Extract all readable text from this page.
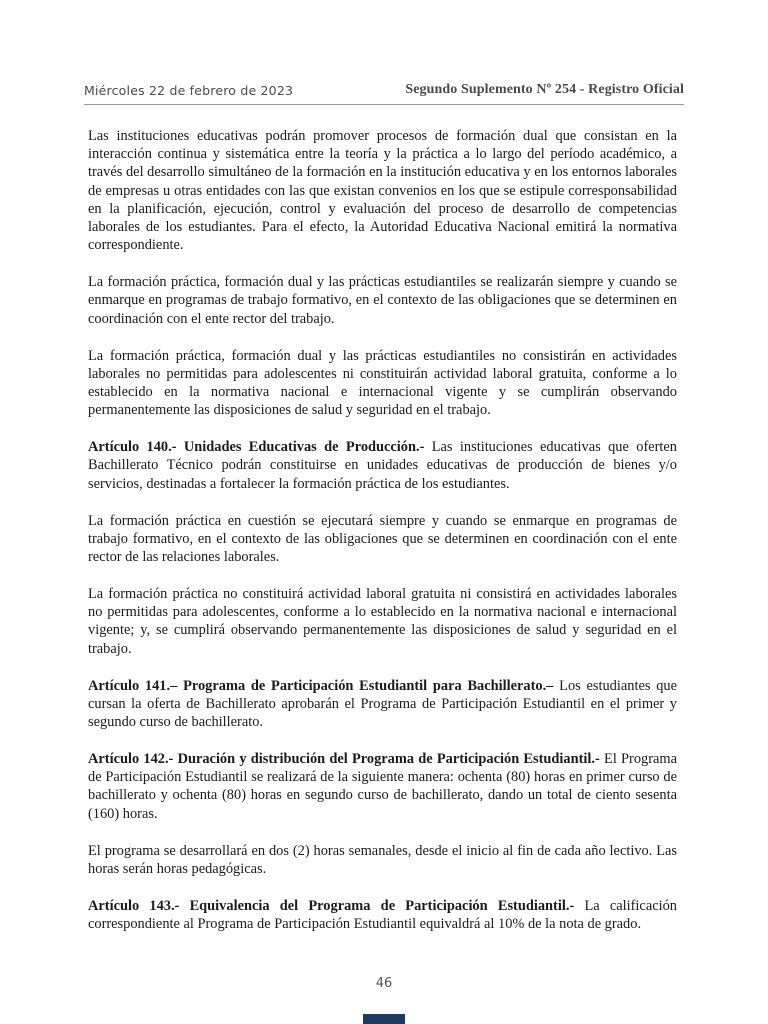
Miércoles 22 de febrero de 2023	Segundo Suplemento Nº 254 - Registro Oficial

Las instituciones educativas podrán promover procesos de formación dual que consistan en la interacción continua y sistemática entre la teoría y la práctica a lo largo del período académico, a través del desarrollo simultáneo de la formación en la institución educativa y en los entornos laborales de empresas u otras entidades con las que existan convenios en los que se estipule corresponsabilidad en la planificación, ejecución, control y evaluación del proceso de desarrollo de competencias laborales de los estudiantes. Para el efecto, la Autoridad Educativa Nacional emitirá la normativa correspondiente.

La formación práctica, formación dual y las prácticas estudiantiles se realizarán siempre y cuando se enmarque en programas de trabajo formativo, en el contexto de las obligaciones que se determinen en coordinación con el ente rector del trabajo.

La formación práctica, formación dual y las prácticas estudiantiles no consistirán en actividades laborales no permitidas para adolescentes ni constituirán actividad laboral gratuita, conforme a lo establecido en la normativa nacional e internacional vigente y se cumplirán observando permanentemente las disposiciones de salud y seguridad en el trabajo.

Artículo 140.- Unidades Educativas de Producción.- Las instituciones educativas que oferten Bachillerato Técnico podrán constituirse en unidades educativas de producción de bienes y/o servicios, destinadas a fortalecer la formación práctica de los estudiantes.

La formación práctica en cuestión se ejecutará siempre y cuando se enmarque en programas de trabajo formativo, en el contexto de las obligaciones que se determinen en coordinación con el ente rector de las relaciones laborales.

La formación práctica no constituirá actividad laboral gratuita ni consistirá en actividades laborales no permitidas para adolescentes, conforme a lo establecido en la normativa nacional e internacional vigente; y, se cumplirá observando permanentemente las disposiciones de salud y seguridad en el trabajo.

Artículo 141.– Programa de Participación Estudiantil para Bachillerato.– Los estudiantes que cursan la oferta de Bachillerato aprobarán el Programa de Participación Estudiantil en el primer y segundo curso de bachillerato.

Artículo 142.- Duración y distribución del Programa de Participación Estudiantil.- El Programa de Participación Estudiantil se realizará de la siguiente manera: ochenta (80) horas en primer curso de bachillerato y ochenta (80) horas en segundo curso de bachillerato, dando un total de ciento sesenta (160) horas.

El programa se desarrollará en dos (2) horas semanales, desde el inicio al fin de cada año lectivo. Las horas serán horas pedagógicas.

Artículo 143.- Equivalencia del Programa de Participación Estudiantil.- La calificación correspondiente al Programa de Participación Estudiantil equivaldrá al 10% de la nota de grado.

46
